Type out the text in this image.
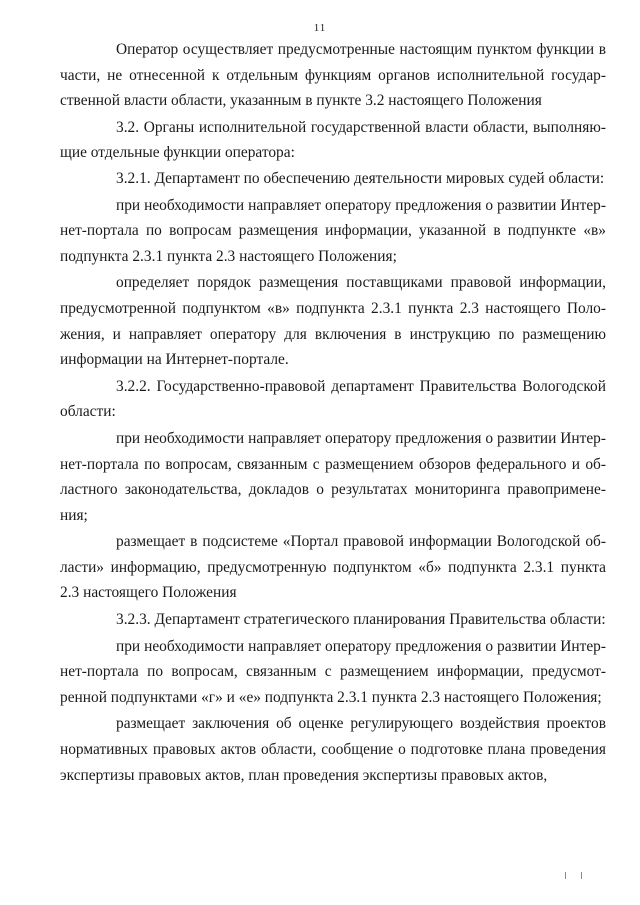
11

Оператор осуществляет предусмотренные настоящим пунктом функции в части, не отнесенной к отдельным функциям органов исполнительной государственной власти области, указанным в пункте 3.2 настоящего Положения

3.2. Органы исполнительной государственной власти области, выполняющие отдельные функции оператора:

3.2.1. Департамент по обеспечению деятельности мировых судей области:

при необходимости направляет оператору предложения о развитии Интернет-портала по вопросам размещения информации, указанной в подпункте «в» подпункта 2.3.1 пункта 2.3 настоящего Положения;

определяет порядок размещения поставщиками правовой информации, предусмотренной подпунктом «в» подпункта 2.3.1 пункта 2.3 настоящего Положения, и направляет оператору для включения в инструкцию по размещению информации на Интернет-портале.

3.2.2. Государственно-правовой департамент Правительства Вологодской области:

при необходимости направляет оператору предложения о развитии Интернет-портала по вопросам, связанным с размещением обзоров федерального и областного законодательства, докладов о результатах мониторинга правоприменения;

размещает в подсистеме «Портал правовой информации Вологодской области» информацию, предусмотренную подпунктом «б» подпункта 2.3.1 пункта 2.3 настоящего Положения

3.2.3. Департамент стратегического планирования Правительства области:

при необходимости направляет оператору предложения о развитии Интернет-портала по вопросам, связанным с размещением информации, предусмотренной подпунктами «г» и «е» подпункта 2.3.1 пункта 2.3 настоящего Положения;

размещает заключения об оценке регулирующего воздействия проектов нормативных правовых актов области, сообщение о подготовке плана проведения экспертизы правовых актов, план проведения экспертизы правовых актов,
